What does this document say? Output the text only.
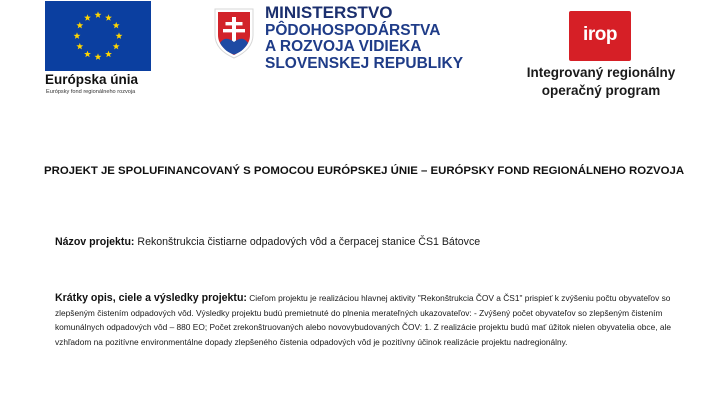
Európska únia
Európsky fond regionálneho rozvoja
MINISTERSTVO
PÔDOHOSPODÁRSTVA
A ROZVOJA VIDIEKA
SLOVENSKEJ REPUBLIKY
irop
Integrovaný regionálny
operačný program
PROJEKT JE SPOLUFINANCOVANÝ S POMOCOU EURÓPSKEJ ÚNIE – EURÓPSKY FOND REGIONÁLNEHO ROZVOJA
Názov projektu: Rekonštrukcia čistiarne odpadových vôd a čerpacej stanice ČS1 Bátovce
Krátky opis, ciele a výsledky projektu: Cieľom projektu je realizáciou hlavnej aktivity "Rekonštrukcia ČOV a ČS1" prispieť k zvýšeniu počtu obyvateľov so zlepšeným čistením odpadových vôd. Výsledky projektu budú premietnuté do plnenia merateľných ukazovateľov: - Zvýšený počet obyvateľov so zlepšeným čistením komunálnych odpadových vôd – 880 EO; Počet zrekonštruovaných alebo novovybudovaných ČOV: 1. Z realizácie projektu budú mať úžitok nielen obyvatelia obce, ale vzhľadom na pozitívne environmentálne dopady zlepšeného čistenia odpadových vôd je pozitívny účinok realizácie projektu nadregionálny.
